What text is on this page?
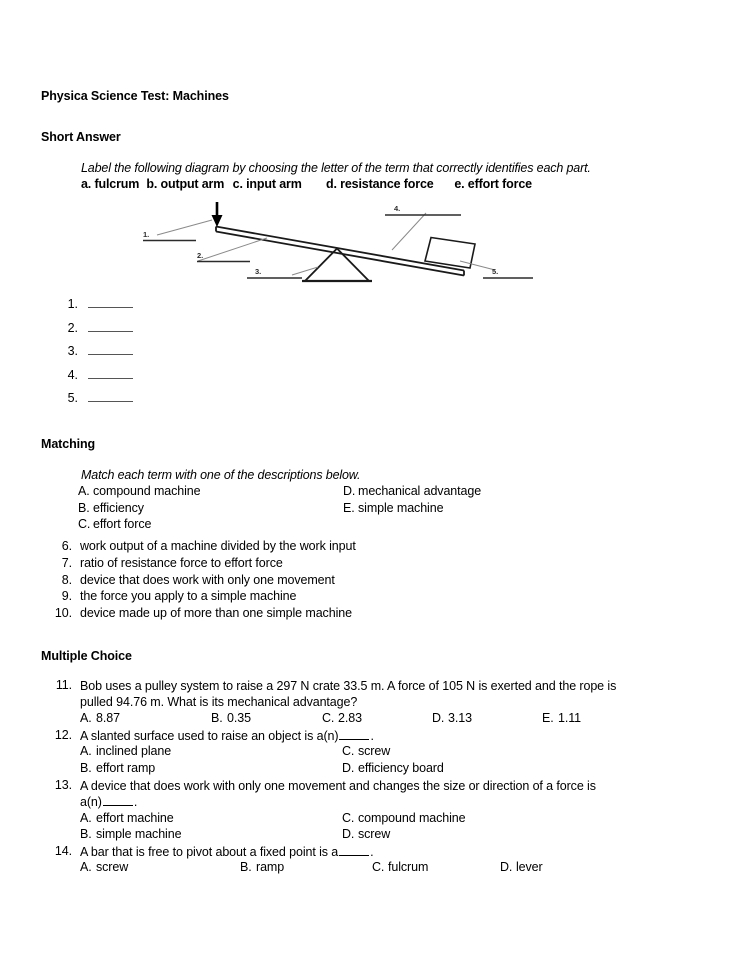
Physica Science Test: Machines
Short Answer
Label the following diagram by choosing the letter of the term that correctly identifies each part.
a. fulcrum b. output arm c. input arm d. resistance force e. effort force
1.
2.
3.
4.
5.
1.
2.
3.
4.
5.
Matching
Match each term with one of the descriptions below.
A. compound machine
B. efficiency
C. effort force
D. mechanical advantage
E. simple machine
6. work output of a machine divided by the work input
7. ratio of resistance force to effort force
8. device that does work with only one movement
9. the force you apply to a simple machine
10. device made up of more than one simple machine
Multiple Choice
11. Bob uses a pulley system to raise a 297 N crate 33.5 m. A force of 105 N is exerted and the rope is
pulled 94.76 m. What is its mechanical advantage?
A. 8.87	B. 0.35	C. 2.83	D. 3.13	E. 1.11
12. A slanted surface used to raise an object is a(n)	.
A. inclined plane	C. screw
B. effort ramp	D. efficiency board
13. A device that does work with only one movement and changes the size or direction of a force is
a(n)	.
A. effort machine	C. compound machine
B. simple machine	D. screw
14. A bar that is free to pivot about a fixed point is a	.
A. screw	B. ramp	C. fulcrum	D. lever
